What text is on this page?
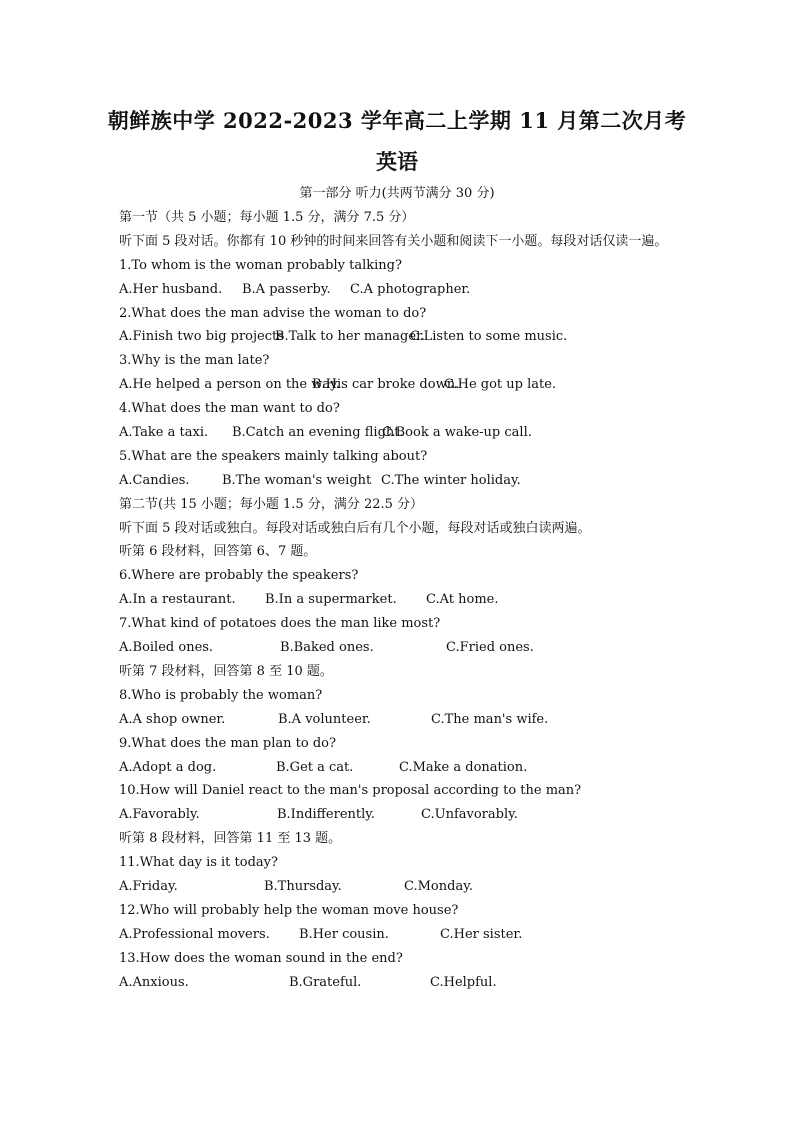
朝鲜族中学 2022-2023 学年高二上学期 11 月第二次月考
英语
第一部分 听力(共两节满分 30 分)
第一节（共 5 小题；每小题 1.5 分，满分 7.5 分）
听下面 5 段对话。你都有 10 秒钟的时间来回答有关小题和阅读下一小题。每段对话仅读一遍。
1.To whom is the woman probably talking?
A.Her husband.	B.A passerby.	C.A photographer.
2.What does the man advise the woman to do?
A.Finish two big projects
B.Talk to her manager.
C.Listen to some music.
3.Why is the man late?
A.He helped a person on the way.
B.His car broke down.
C.He got up late.
4.What does the man want to do?
A.Take a taxi.	B.Catch an evening flight.
C.Book a wake-up call.
5.What are the speakers mainly talking about?
A.Candies.	B.The woman's weight C.The winter holiday.
第二节(共 15 小题；每小题 1.5 分，满分 22.5 分）
听下面 5 段对话或独白。每段对话或独白后有几个小题，每段对话或独白读两遍。
听第 6 段材料，回答第 6、7 题。
6.Where are probably the speakers?
A.In a restaurant.	B.In a supermarket.	C.At home.
7.What kind of potatoes does the man like most?
A.Boiled ones.	B.Baked ones.	C.Fried ones.
听第 7 段材料，回答第 8 至 10 题。
8.Who is probably the woman?
A.A shop owner.	B.A volunteer.	C.The man's wife.
9.What does the man plan to do?
A.Adopt a dog.	B.Get a cat.	C.Make a donation.
10.How will Daniel react to the man's proposal according to the man?
A.Favorably.	B.Indifferently.	C.Unfavorably.
听第 8 段材料，回答第 11 至 13 题。
11.What day is it today?
A.Friday.	B.Thursday.	C.Monday.
12.Who will probably help the woman move house?
A.Professional movers.	B.Her cousin.	C.Her sister.
13.How does the woman sound in the end?
A.Anxious.	B.Grateful.	C.Helpful.
